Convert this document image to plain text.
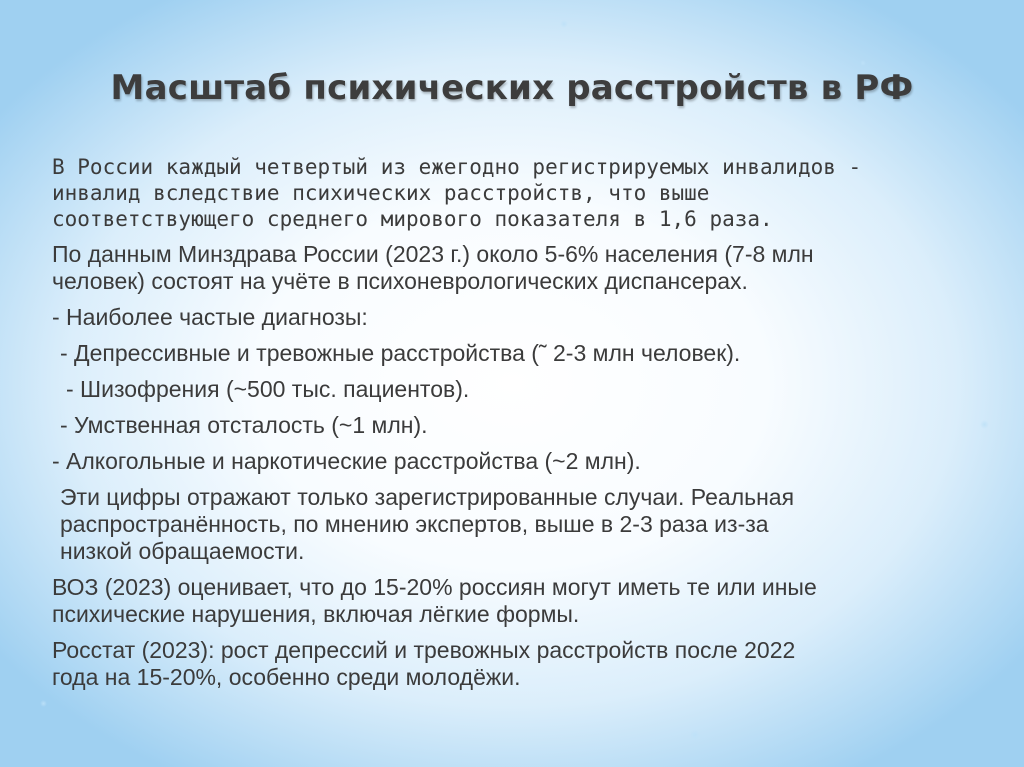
Масштаб психических расстройств в РФ

В России каждый четвертый из ежегодно регистрируемых инвалидов -
инвалид вследствие психических расстройств, что выше
соответствующего среднего мирового показателя в 1,6 раза.

По данным Минздрава России (2023 г.) около 5-6% населения (7-8 млн
человек) состоят на учёте в психоневрологических диспансерах.

- Наиболее частые диагнозы:

- Депрессивные и тревожные расстройства (˜ 2-3 млн человек).

- Шизофрения (~500 тыс. пациентов).

- Умственная отсталость (~1 млн).

- Алкогольные и наркотические расстройства (~2 млн).

Эти цифры отражают только зарегистрированные случаи. Реальная
распространённость, по мнению экспертов, выше в 2-3 раза из-за
низкой обращаемости.

ВОЗ (2023) оценивает, что до 15-20% россиян могут иметь те или иные
психические нарушения, включая лёгкие формы.

Росстат (2023): рост депрессий и тревожных расстройств после 2022
года на 15-20%, особенно среди молодёжи.
